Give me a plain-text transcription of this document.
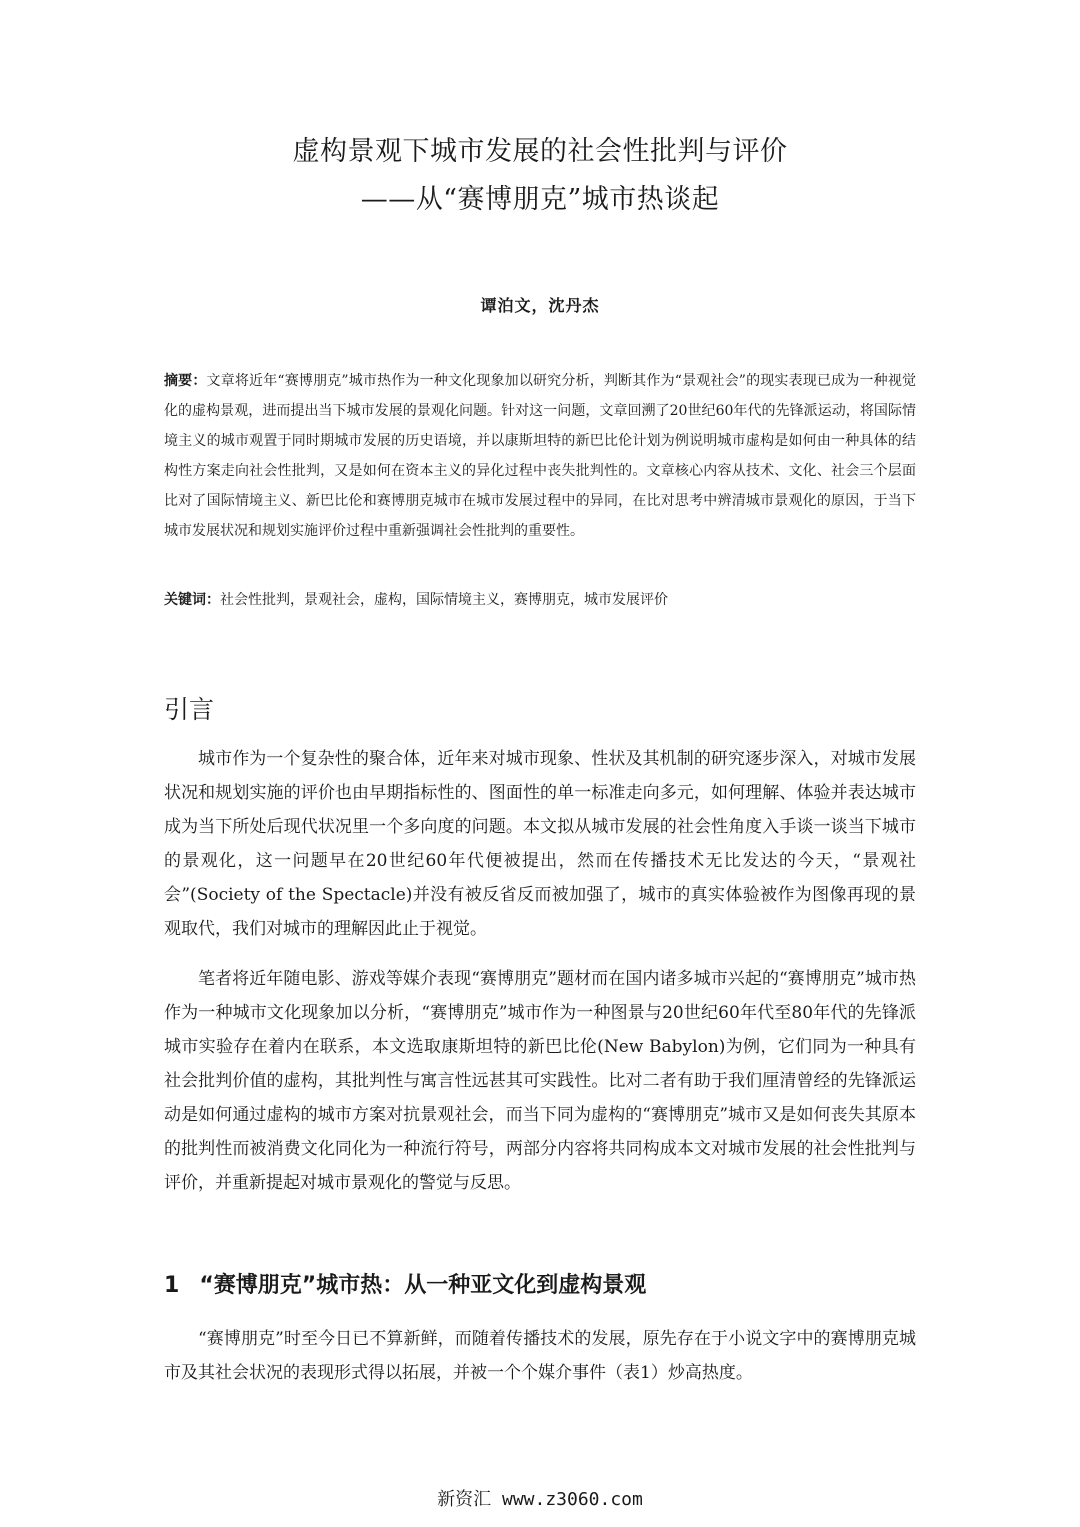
虚构景观下城市发展的社会性批判与评价
——从“赛博朋克”城市热谈起
谭泊文，沈丹杰
摘要：文章将近年“赛博朋克”城市热作为一种文化现象加以研究分析，判断其作为“景观社会”的现实表现已成为一种视觉化的虚构景观，进而提出当下城市发展的景观化问题。针对这一问题，文章回溯了20世纪60年代的先锋派运动，将国际情境主义的城市观置于同时期城市发展的历史语境，并以康斯坦特的新巴比伦计划为例说明城市虚构是如何由一种具体的结构性方案走向社会性批判，又是如何在资本主义的异化过程中丧失批判性的。文章核心内容从技术、文化、社会三个层面比对了国际情境主义、新巴比伦和赛博朋克城市在城市发展过程中的异同，在比对思考中辨清城市景观化的原因，于当下城市发展状况和规划实施评价过程中重新强调社会性批判的重要性。
关键词：社会性批判，景观社会，虚构，国际情境主义，赛博朋克，城市发展评价
引言

城市作为一个复杂性的聚合体，近年来对城市现象、性状及其机制的研究逐步深入，对城市发展状况和规划实施的评价也由早期指标性的、图面性的单一标准走向多元，如何理解、体验并表达城市成为当下所处后现代状况里一个多向度的问题。本文拟从城市发展的社会性角度入手谈一谈当下城市的景观化，这一问题早在20世纪60年代便被提出，然而在传播技术无比发达的今天，“景观社会”(Society of the Spectacle)并没有被反省反而被加强了，城市的真实体验被作为图像再现的景观取代，我们对城市的理解因此止于视觉。

笔者将近年随电影、游戏等媒介表现“赛博朋克”题材而在国内诸多城市兴起的“赛博朋克”城市热作为一种城市文化现象加以分析，“赛博朋克”城市作为一种图景与20世纪60年代至80年代的先锋派城市实验存在着内在联系，本文选取康斯坦特的新巴比伦(New Babylon)为例，它们同为一种具有社会批判价值的虚构，其批判性与寓言性远甚其可实践性。比对二者有助于我们厘清曾经的先锋派运动是如何通过虚构的城市方案对抗景观社会，而当下同为虚构的“赛博朋克”城市又是如何丧失其原本的批判性而被消费文化同化为一种流行符号，两部分内容将共同构成本文对城市发展的社会性批判与评价，并重新提起对城市景观化的警觉与反思。

1 “赛博朋克”城市热：从一种亚文化到虚构景观

“赛博朋克”时至今日已不算新鲜，而随着传播技术的发展，原先存在于小说文字中的赛博朋克城市及其社会状况的表现形式得以拓展，并被一个个媒介事件（表1）炒高热度。

新资汇 www.z3060.com
